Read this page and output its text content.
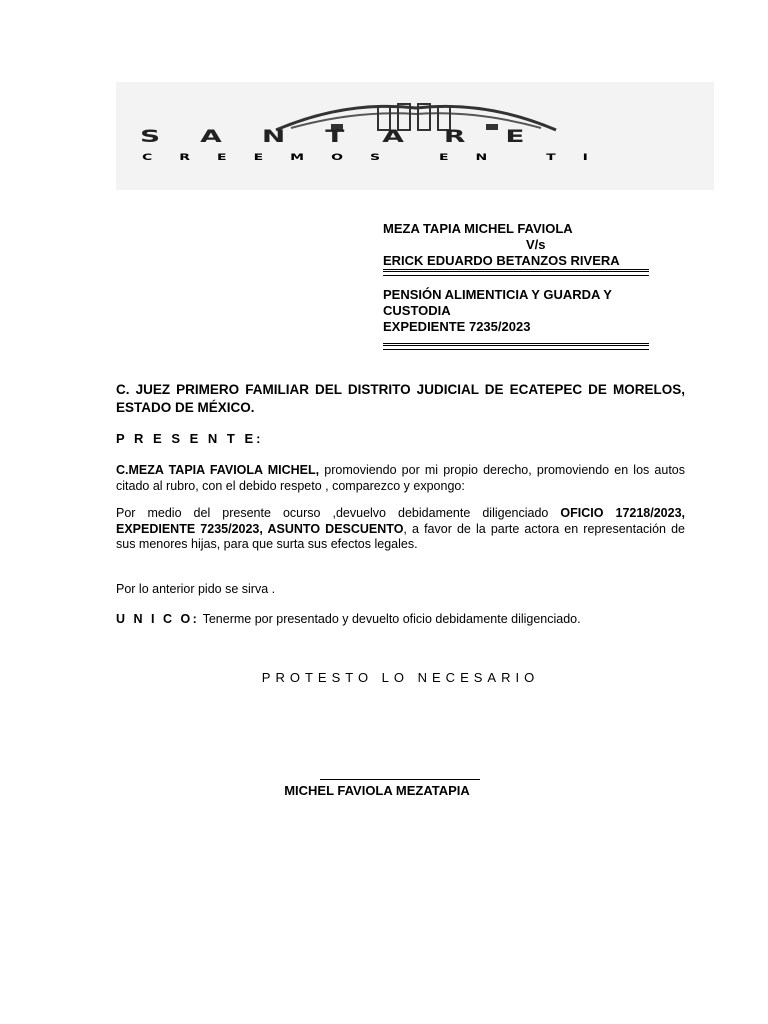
SANTARE
CREEMOS EN TI
MEZA TAPIA MICHEL FAVIOLA
V/s
ERICK EDUARDO BETANZOS RIVERA
PENSIÓN ALIMENTICIA Y GUARDA Y
CUSTODIA
EXPEDIENTE 7235/2023
C. JUEZ PRIMERO FAMILIAR DEL DISTRITO JUDICIAL DE ECATEPEC DE MORELOS, ESTADO DE MÉXICO.
P R E S E N T E:
C.MEZA TAPIA FAVIOLA MICHEL, promoviendo por mi propio derecho, promoviendo en los autos citado al rubro, con el debido respeto , comparezco y expongo:
Por medio del presente ocurso ,devuelvo debidamente diligenciado OFICIO 17218/2023, EXPEDIENTE 7235/2023, ASUNTO DESCUENTO, a favor de la parte actora en representación de sus menores hijas, para que surta sus efectos legales.
Por lo anterior pido se sirva .
U N I C O: Tenerme por presentado y devuelto oficio debidamente diligenciado.
PROTESTO LO NECESARIO
MICHEL FAVIOLA MEZATAPIA
